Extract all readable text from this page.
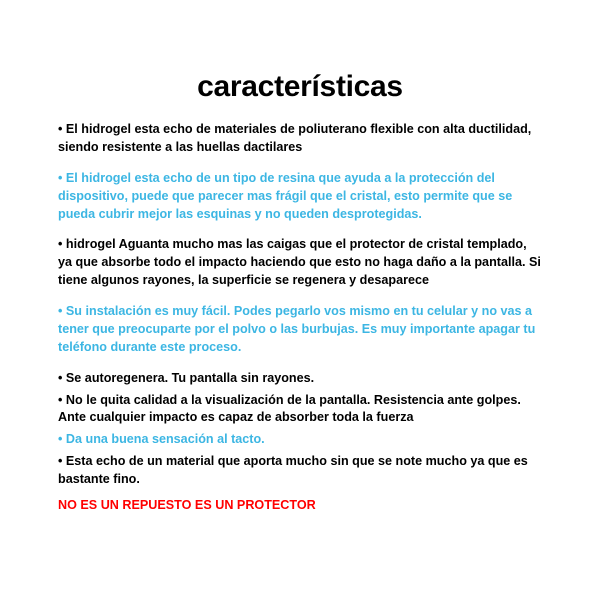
características

• El hidrogel esta echo de materiales de poliuterano flexible con alta ductilidad, siendo resistente a las huellas dactilares

• El hidrogel esta echo de un tipo de resina que ayuda a la protección del dispositivo, puede que parecer mas frágil que el cristal, esto permite que se pueda cubrir mejor las esquinas y no queden desprotegidas.

• hidrogel Aguanta mucho mas las caigas que el protector de cristal templado, ya que absorbe todo el impacto haciendo que esto no haga daño a la pantalla. Si tiene algunos rayones, la superficie se regenera y desaparece

• Su instalación es muy fácil. Podes pegarlo vos mismo en tu celular y no vas a tener que preocuparte por el polvo o las burbujas. Es muy importante apagar tu teléfono durante este proceso.

• Se autoregenera. Tu pantalla sin rayones.

• No le quita calidad a la visualización de la pantalla. Resistencia ante golpes. Ante cualquier impacto es capaz de absorber toda la fuerza

• Da una buena sensación al tacto.

• Esta echo de un material que aporta mucho sin que se note mucho ya que es bastante fino.

NO ES UN REPUESTO ES UN PROTECTOR
